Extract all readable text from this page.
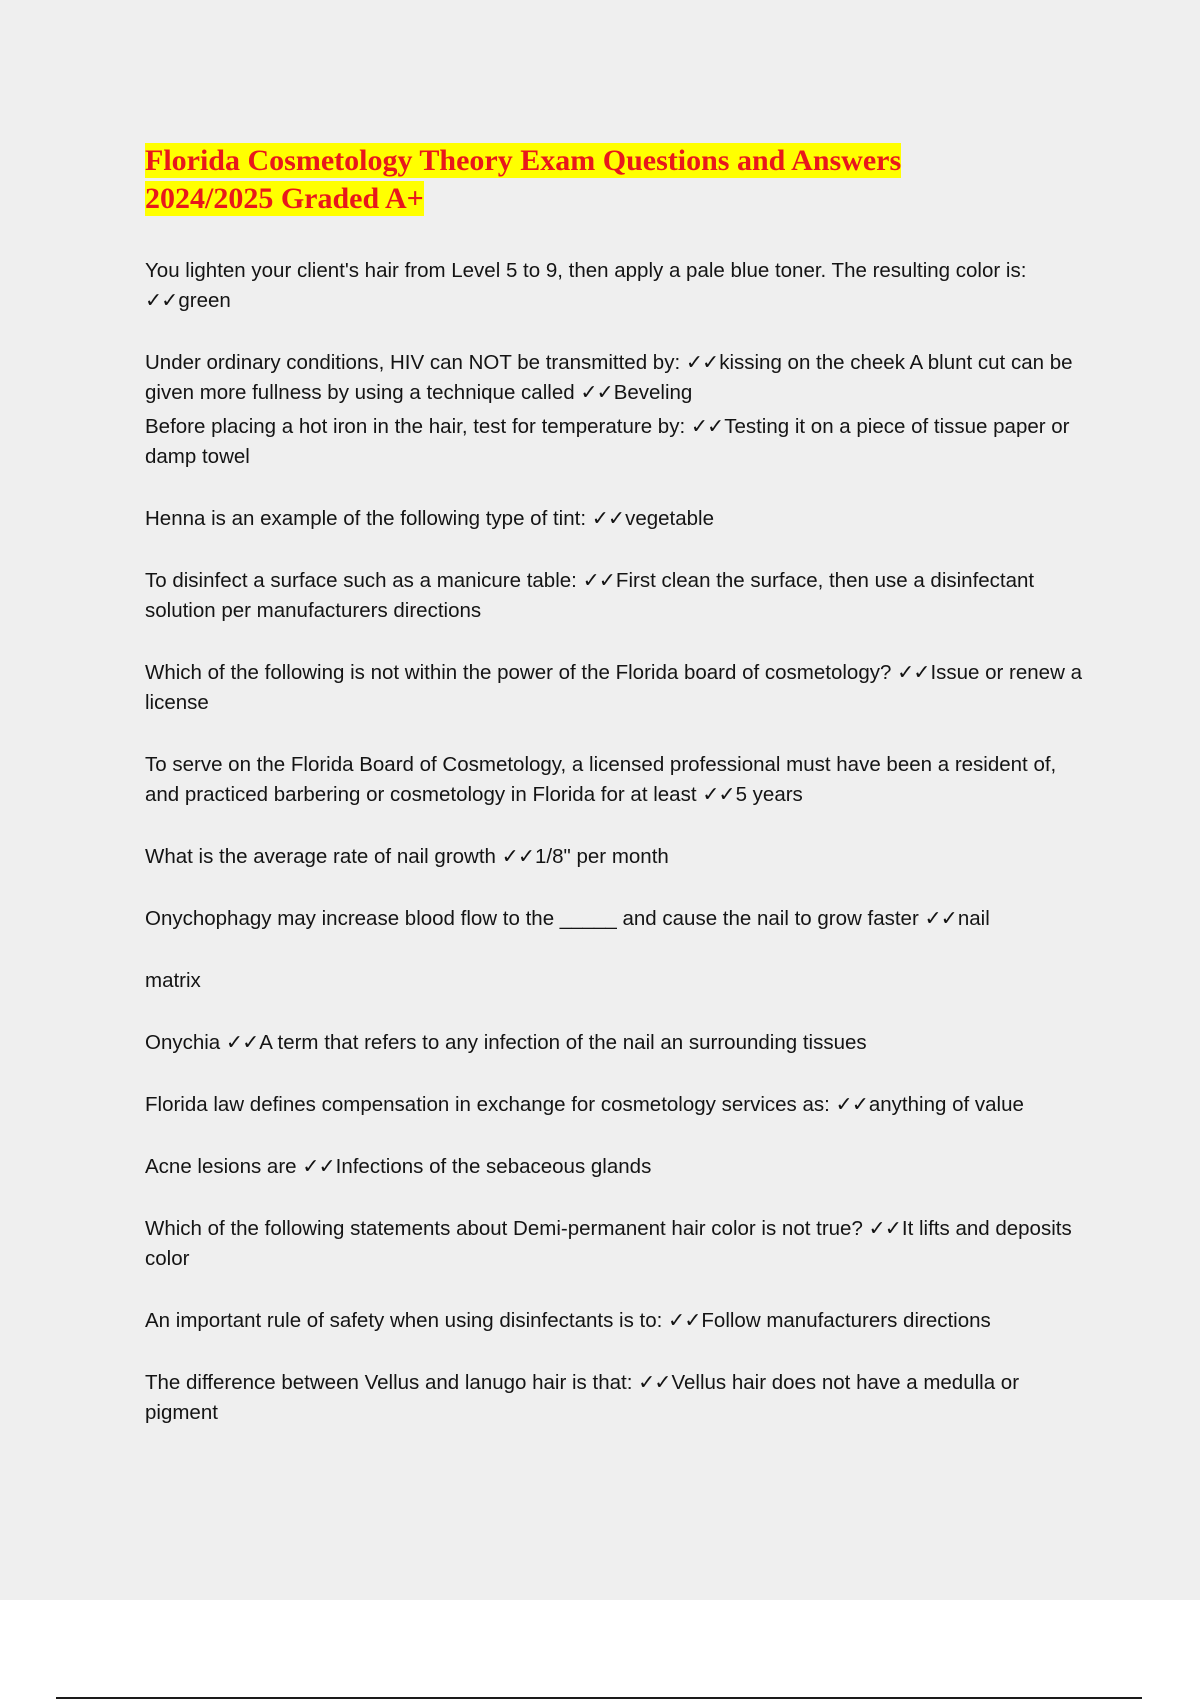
Florida Cosmetology Theory Exam Questions and Answers
2024/2025 Graded A+

You lighten your client's hair from Level 5 to 9, then apply a pale blue toner. The resulting color is: ✓✓green

Under ordinary conditions, HIV can NOT be transmitted by: ✓✓kissing on the cheek A blunt cut can be given more fullness by using a technique called ✓✓Beveling

Before placing a hot iron in the hair, test for temperature by: ✓✓Testing it on a piece of tissue paper or damp towel

Henna is an example of the following type of tint: ✓✓vegetable

To disinfect a surface such as a manicure table: ✓✓First clean the surface, then use a disinfectant solution per manufacturers directions

Which of the following is not within the power of the Florida board of cosmetology? ✓✓Issue or renew a license

To serve on the Florida Board of Cosmetology, a licensed professional must have been a resident of, and practiced barbering or cosmetology in Florida for at least ✓✓5 years

What is the average rate of nail growth ✓✓1/8" per month

Onychophagy may increase blood flow to the _____ and cause the nail to grow faster ✓✓nail

matrix

Onychia ✓✓A term that refers to any infection of the nail an surrounding tissues

Florida law defines compensation in exchange for cosmetology services as: ✓✓anything of value

Acne lesions are ✓✓Infections of the sebaceous glands

Which of the following statements about Demi-permanent hair color is not true? ✓✓It lifts and deposits color

An important rule of safety when using disinfectants is to: ✓✓Follow manufacturers directions

The difference between Vellus and lanugo hair is that: ✓✓Vellus hair does not have a medulla or pigment
